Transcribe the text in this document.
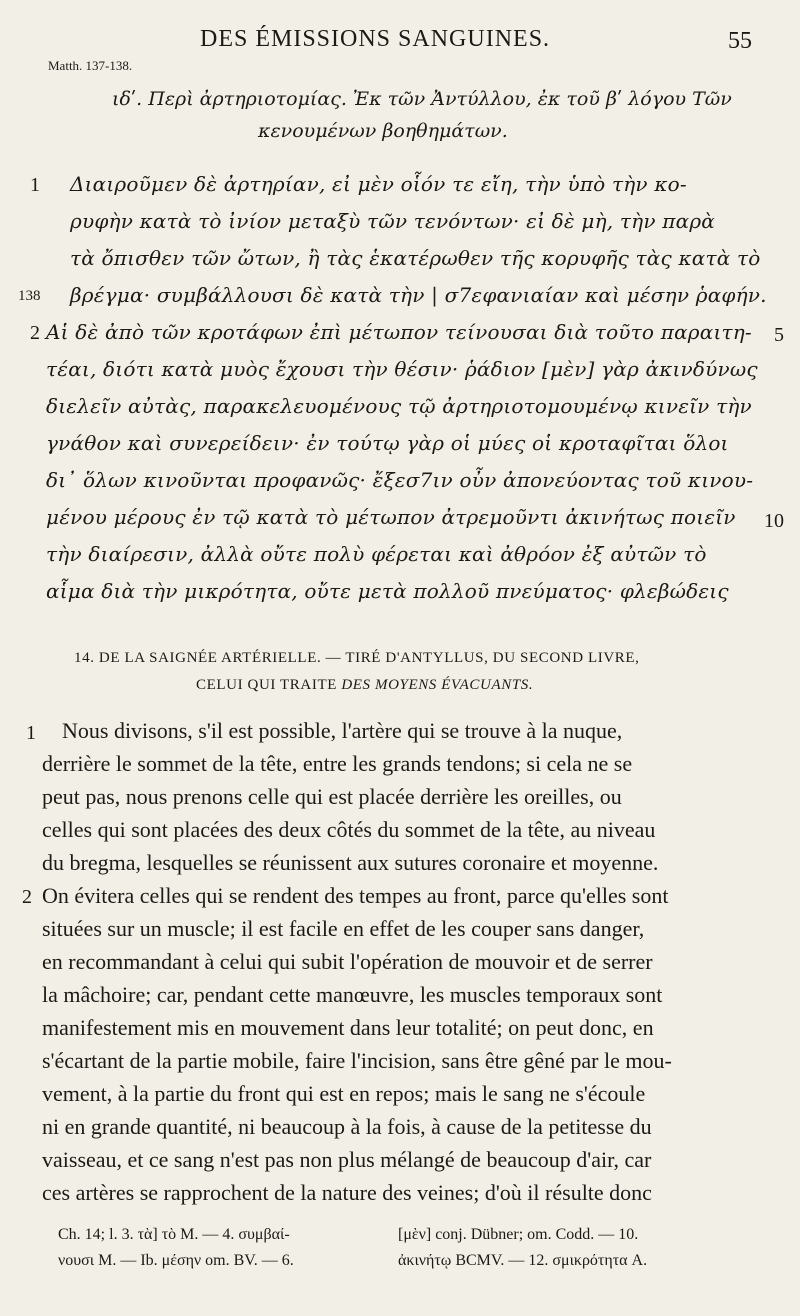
DES ÉMISSIONS SANGUINES.	55
Matth. 137-138.
ιδʹ. Περὶ ἀρτηριοτομίας. Ἐκ τῶν Ἀντύλλου, ἐκ τοῦ βʹ λόγου Τῶν
κενουμένων βοηθημάτων.
Διαιροῦμεν δὲ ἀρτηρίαν, εἰ μὲν οἷόν τε εἴη, τὴν ὑπὸ τὴν κο-
ρυφὴν κατὰ τὸ ἰνίον μεταξὺ τῶν τενόντων· εἰ δὲ μὴ, τὴν παρὰ
τὰ ὄπισθεν τῶν ὤτων, ἢ τὰς ἑκατέρωθεν τῆς κορυφῆς τὰς κατὰ τὸ
βρέγμα· συμβάλλουσι δὲ κατὰ τὴν | σ7εφανιαίαν καὶ μέσην ῥαφήν.
Αἱ δὲ ἀπὸ τῶν κροτάφων ἐπὶ μέτωπον τείνουσαι διὰ τοῦτο παραιτη-
τέαι, διότι κατὰ μυὸς ἔχουσι τὴν θέσιν· ῥάδιον [μὲν] γὰρ ἀκινδύνως
διελεῖν αὐτὰς, παρακελευομένους τῷ ἀρτηριοτομουμένῳ κινεῖν τὴν
γνάθον καὶ συνερείδειν· ἐν τούτῳ γὰρ οἱ μύες οἱ κροταφῖται ὅλοι
δι᾽ ὅλων κινοῦνται προφανῶς· ἔξεσ7ιν οὖν ἀπονεύοντας τοῦ κινου-
μένου μέρους ἐν τῷ κατὰ τὸ μέτωπον ἀτρεμοῦντι ἀκινήτως ποιεῖν
τὴν διαίρεσιν, ἀλλὰ οὔτε πολὺ φέρεται καὶ ἀθρόον ἐξ αὐτῶν τὸ
αἷμα διὰ τὴν μικρότητα, οὔτε μετὰ πολλοῦ πνεύματος· φλεβώδεις
1
138
2	5
10
14. DE LA SAIGNÉE ARTÉRIELLE. — TIRÉ D'ANTYLLUS, DU SECOND LIVRE,
CELUI QUI TRAITE DES MOYENS ÉVACUANTS.
Nous divisons, s'il est possible, l'artère qui se trouve à la nuque,
derrière le sommet de la tête, entre les grands tendons; si cela ne se
peut pas, nous prenons celle qui est placée derrière les oreilles, ou
celles qui sont placées des deux côtés du sommet de la tête, au niveau
du bregma, lesquelles se réunissent aux sutures coronaire et moyenne.
On évitera celles qui se rendent des tempes au front, parce qu'elles sont
situées sur un muscle; il est facile en effet de les couper sans danger,
en recommandant à celui qui subit l'opération de mouvoir et de serrer
la mâchoire; car, pendant cette manœuvre, les muscles temporaux sont
manifestement mis en mouvement dans leur totalité; on peut donc, en
s'écartant de la partie mobile, faire l'incision, sans être gêné par le mou-
vement, à la partie du front qui est en repos; mais le sang ne s'écoule
ni en grande quantité, ni beaucoup à la fois, à cause de la petitesse du
vaisseau, et ce sang n'est pas non plus mélangé de beaucoup d'air, car
ces artères se rapprochent de la nature des veines; d'où il résulte donc
1
2
Ch. 14; l. 3. τὰ] τὸ M. — 4. συμβαί-
νουσι M. — Ib. μέσην om. BV. — 6.
[μὲν] conj. Dübner; om. Codd. — 10.
ἀκινήτῳ BCMV. — 12. σμικρότητα A.
